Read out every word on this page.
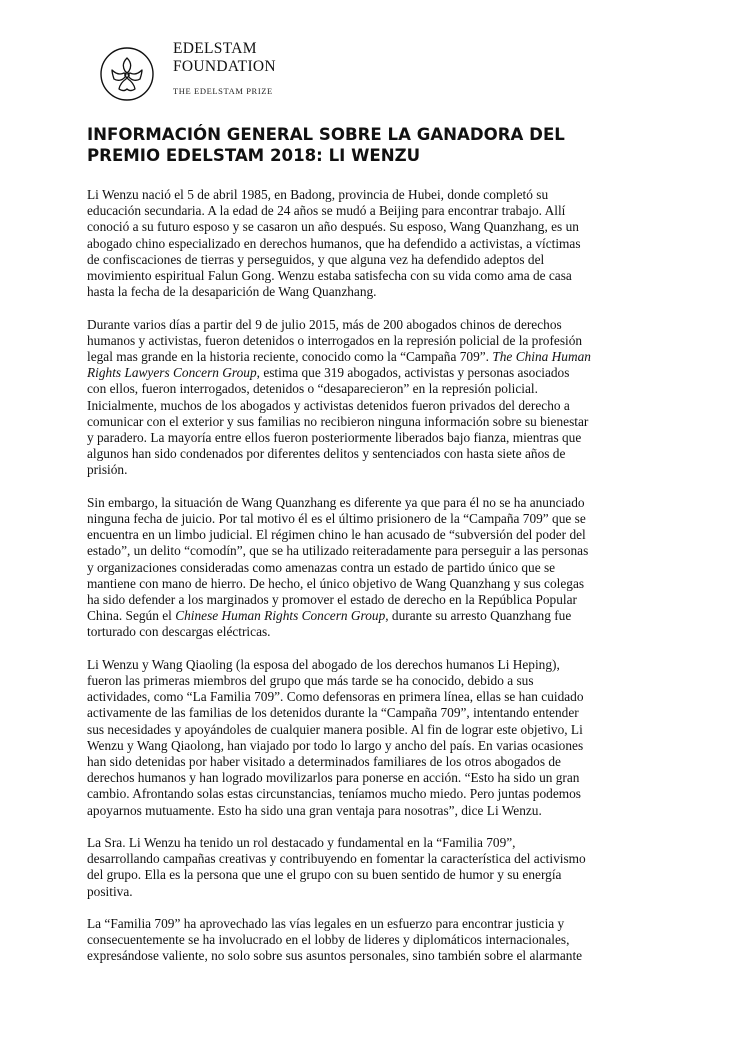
EDELSTAM
FOUNDATION
THE EDELSTAM PRIZE
INFORMACIÓN GENERAL SOBRE LA GANADORA DEL
PREMIO EDELSTAM 2018: LI WENZU

Li Wenzu nació el 5 de abril 1985, en Badong, provincia de Hubei, donde completó su
educación secundaria. A la edad de 24 años se mudó a Beijing para encontrar trabajo. Allí
conoció a su futuro esposo y se casaron un año después. Su esposo, Wang Quanzhang, es un
abogado chino especializado en derechos humanos, que ha defendido a activistas, a víctimas
de confiscaciones de tierras y perseguidos, y que alguna vez ha defendido adeptos del
movimiento espiritual Falun Gong. Wenzu estaba satisfecha con su vida como ama de casa
hasta la fecha de la desaparición de Wang Quanzhang.

Durante varios días a partir del 9 de julio 2015, más de 200 abogados chinos de derechos
humanos y activistas, fueron detenidos o interrogados en la represión policial de la profesión
legal mas grande en la historia reciente, conocido como la “Campaña 709”. The China Human
Rights Lawyers Concern Group, estima que 319 abogados, activistas y personas asociados
con ellos, fueron interrogados, detenidos o “desaparecieron” en la represión policial.
Inicialmente, muchos de los abogados y activistas detenidos fueron privados del derecho a
comunicar con el exterior y sus familias no recibieron ninguna información sobre su bienestar
y paradero. La mayoría entre ellos fueron posteriormente liberados bajo fianza, mientras que
algunos han sido condenados por diferentes delitos y sentenciados con hasta siete años de
prisión.

Sin embargo, la situación de Wang Quanzhang es diferente ya que para él no se ha anunciado
ninguna fecha de juicio. Por tal motivo él es el último prisionero de la “Campaña 709” que se
encuentra en un limbo judicial. El régimen chino le han acusado de “subversión del poder del
estado”, un delito “comodín”, que se ha utilizado reiteradamente para perseguir a las personas
y organizaciones consideradas como amenazas contra un estado de partido único que se
mantiene con mano de hierro. De hecho, el único objetivo de Wang Quanzhang y sus colegas
ha sido defender a los marginados y promover el estado de derecho en la República Popular
China. Según el Chinese Human Rights Concern Group, durante su arresto Quanzhang fue
torturado con descargas eléctricas.

Li Wenzu y Wang Qiaoling (la esposa del abogado de los derechos humanos Li Heping),
fueron las primeras miembros del grupo que más tarde se ha conocido, debido a sus
actividades, como “La Familia 709”. Como defensoras en primera línea, ellas se han cuidado
activamente de las familias de los detenidos durante la “Campaña 709”, intentando entender
sus necesidades y apoyándoles de cualquier manera posible. Al fin de lograr este objetivo, Li
Wenzu y Wang Qiaolong, han viajado por todo lo largo y ancho del país. En varias ocasiones
han sido detenidas por haber visitado a determinados familiares de los otros abogados de
derechos humanos y han logrado movilizarlos para ponerse en acción. “Esto ha sido un gran
cambio. Afrontando solas estas circunstancias, teníamos mucho miedo. Pero juntas podemos
apoyarnos mutuamente. Esto ha sido una gran ventaja para nosotras”, dice Li Wenzu.

La Sra. Li Wenzu ha tenido un rol destacado y fundamental en la “Familia 709”,
desarrollando campañas creativas y contribuyendo en fomentar la característica del activismo
del grupo. Ella es la persona que une el grupo con su buen sentido de humor y su energía
positiva.

La “Familia 709” ha aprovechado las vías legales en un esfuerzo para encontrar justicia y
consecuentemente se ha involucrado en el lobby de lideres y diplomáticos internacionales,
expresándose valiente, no solo sobre sus asuntos personales, sino también sobre el alarmante
